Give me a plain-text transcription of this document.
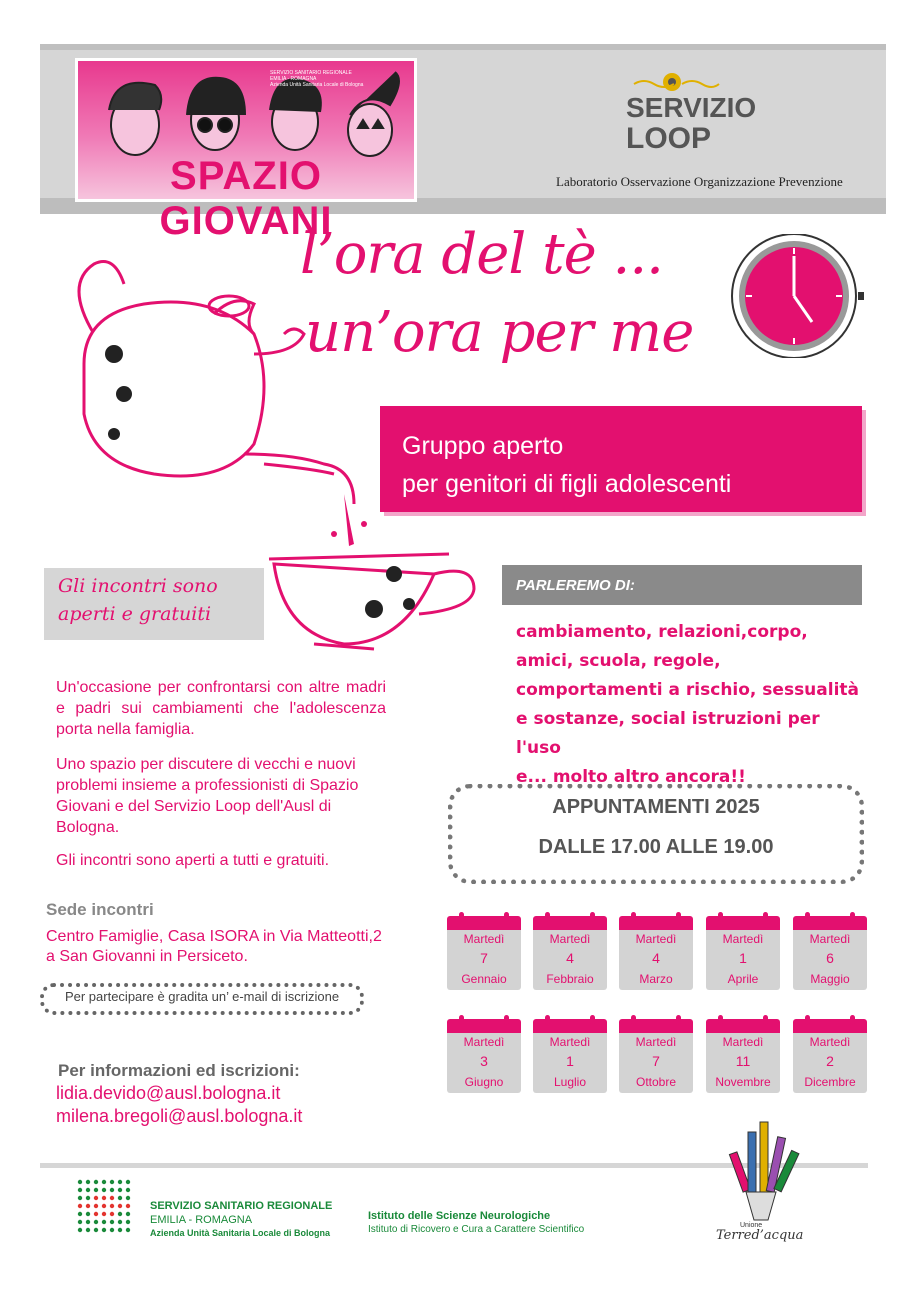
SERVIZIO SANITARIO REGIONALE
EMILIA - ROMAGNA
Azienda Unità Sanitaria Locale di Bologna
SPAZIO GIOVANI
SERVIZIO
LOOP
Laboratorio Osservazione Organizzazione Prevenzione
l’ora del tè ...
un’ora per me
Gruppo aperto
per genitori di figli adolescenti
Gli incontri sono
aperti e gratuiti
PARLEREMO DI:
cambiamento, relazioni,corpo,
amici, scuola, regole,
comportamenti a rischio, sessualità
e sostanze, social istruzioni per l'uso
e... molto altro ancora!!
Un'occasione per confrontarsi con altre madri e padri sui cambiamenti che l'adolescenza porta nella famiglia.
Uno spazio per discutere di vecchi e nuovi problemi insieme a professionisti di Spazio Giovani e del Servizio Loop dell'Ausl di Bologna.
Gli incontri sono aperti a tutti e gratuiti.
APPUNTAMENTI 2025
DALLE 17.00 ALLE 19.00
Martedì
7
Gennaio
Martedì
4
Febbraio
Martedì
4
Marzo
Martedì
1
Aprile
Martedì
6
Maggio
Martedì
3
Giugno
Martedì
1
Luglio
Martedì
7
Ottobre
Martedì
11
Novembre
Martedì
2
Dicembre
Sede incontri
Centro Famiglie, Casa ISORA in Via Matteotti,2
a San Giovanni in Persiceto.
Per partecipare è gradita un’ e-mail di iscrizione
Per informazioni ed iscrizioni:
lidia.devido@ausl.bologna.it
milena.bregoli@ausl.bologna.it
SERVIZIO SANITARIO REGIONALE
EMILIA - ROMAGNA
Azienda Unità Sanitaria Locale di Bologna
Istituto delle Scienze Neurologiche
Istituto di Ricovero e Cura a Carattere Scientifico	Unione
Terred’acqua
